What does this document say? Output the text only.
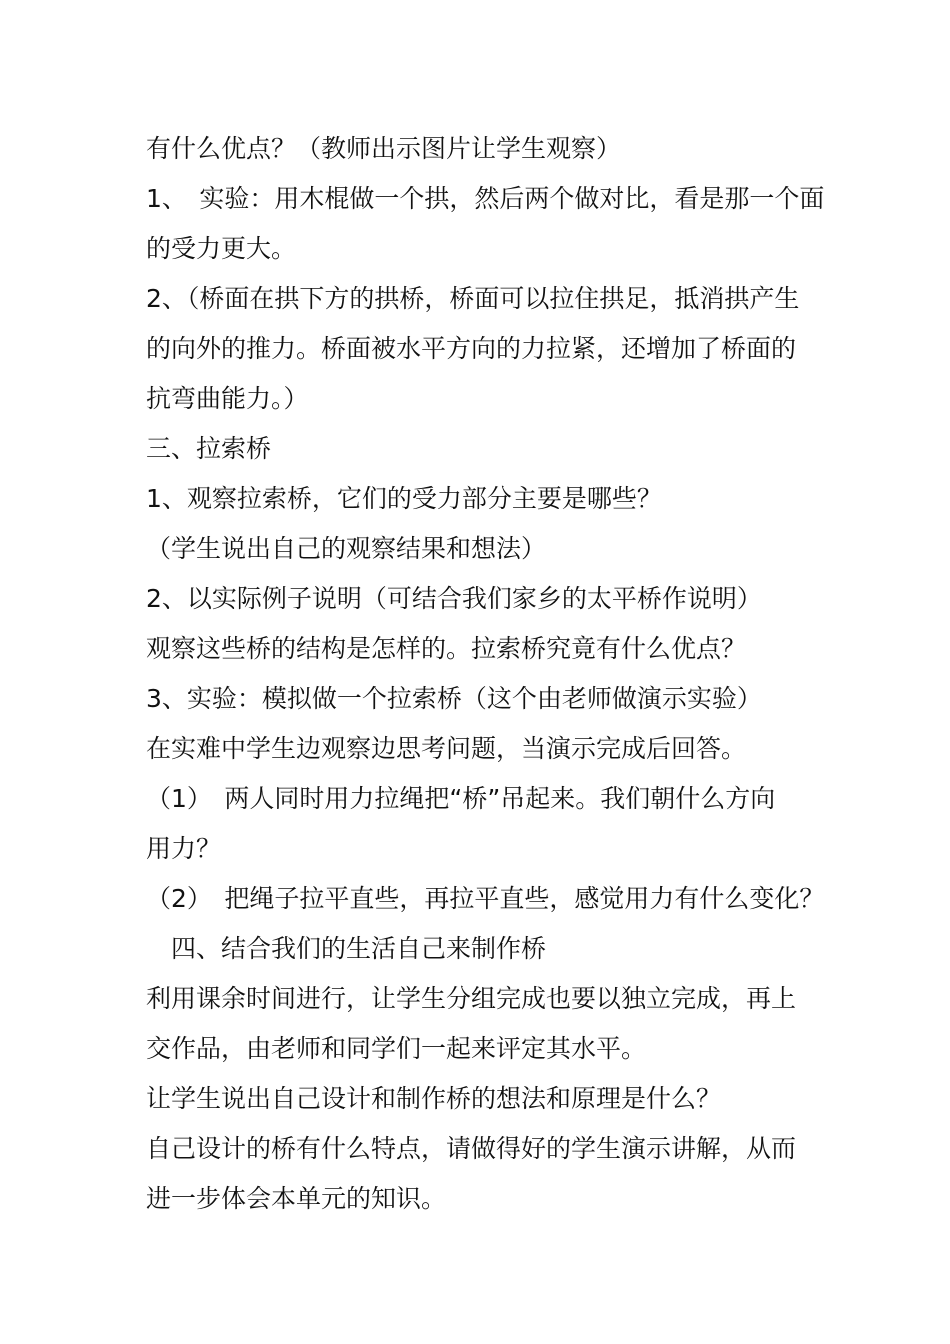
有什么优点？（教师出示图片让学生观察）
1、　实验：用木棍做一个拱，然后两个做对比，看是那一个面
的受力更大。
2、（桥面在拱下方的拱桥，桥面可以拉住拱足，抵消拱产生
的向外的推力。桥面被水平方向的力拉紧，还增加了桥面的
抗弯曲能力。）
三、拉索桥
1、观察拉索桥，它们的受力部分主要是哪些？
（学生说出自己的观察结果和想法）
2、以实际例子说明（可结合我们家乡的太平桥作说明）
观察这些桥的结构是怎样的。拉索桥究竟有什么优点？
3、实验：模拟做一个拉索桥（这个由老师做演示实验）
在实难中学生边观察边思考问题，当演示完成后回答。
（1）　两人同时用力拉绳把“桥”吊起来。我们朝什么方向
用力？
（2）　把绳子拉平直些，再拉平直些，感觉用力有什么变化？
　四、结合我们的生活自己来制作桥
利用课余时间进行，让学生分组完成也要以独立完成，再上
交作品，由老师和同学们一起来评定其水平。
让学生说出自己设计和制作桥的想法和原理是什么？
自己设计的桥有什么特点，请做得好的学生演示讲解，从而
进一步体会本单元的知识。
